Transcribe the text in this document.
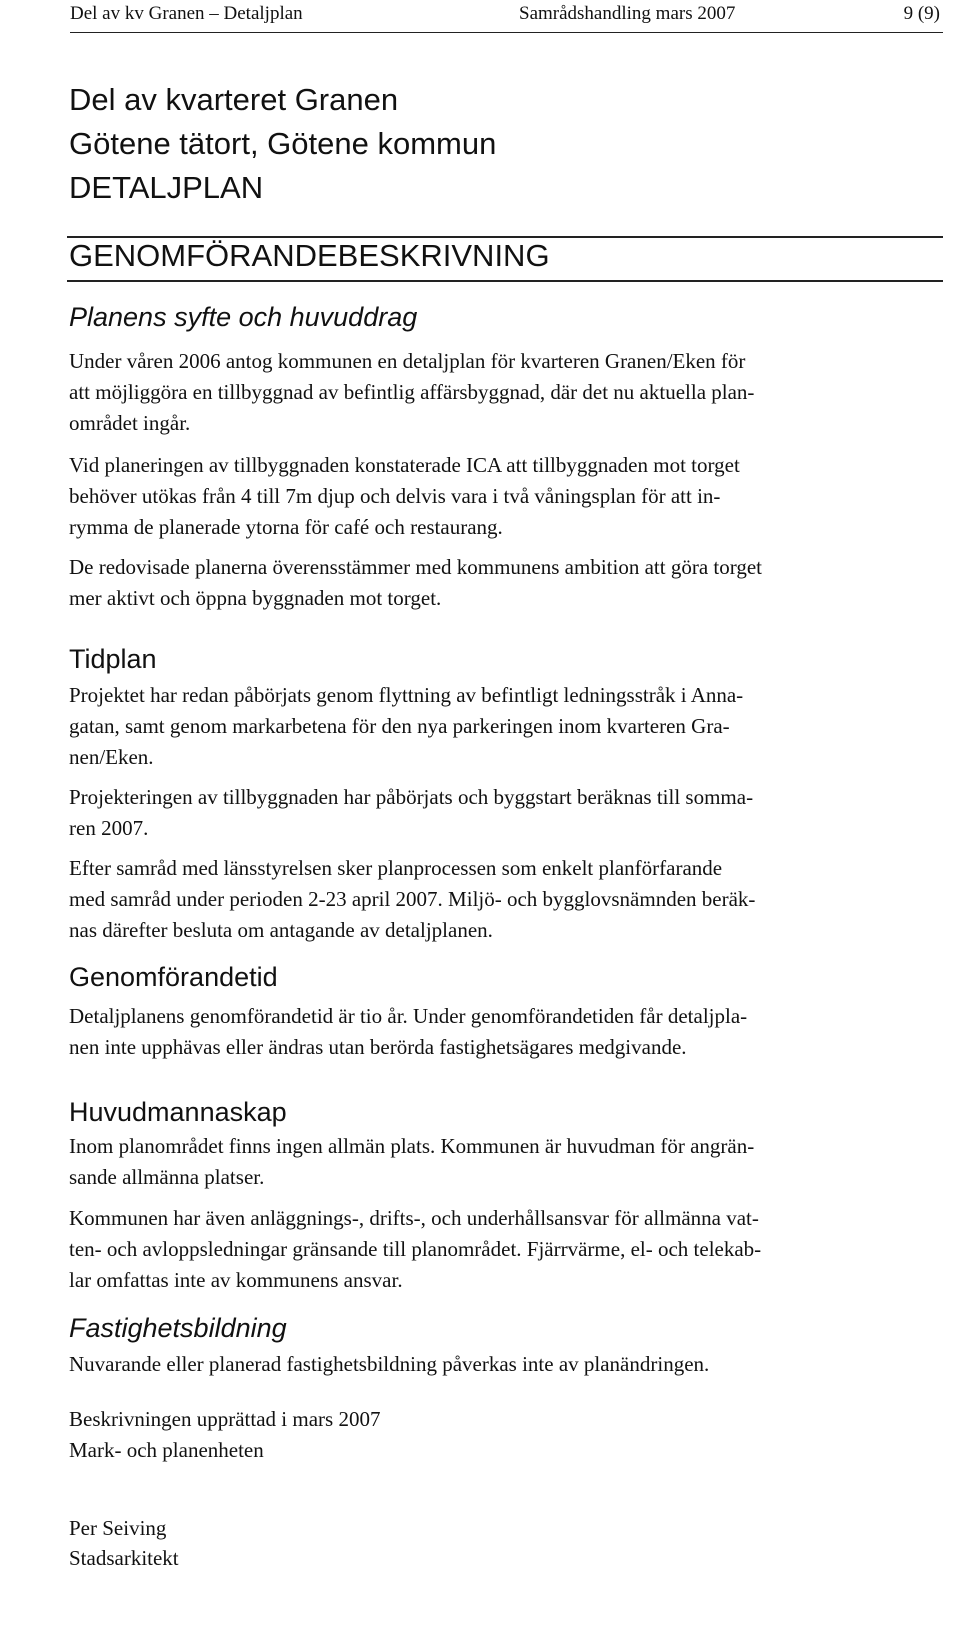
Del av kv Granen – Detaljplan	Samrådshandling mars 2007	9 (9)
Del av kvarteret Granen
Götene tätort, Götene kommun
DETALJPLAN
GENOMFÖRANDEBESKRIVNING
Planens syfte och huvuddrag

Under våren 2006 antog kommunen en detaljplan för kvarteren Granen/Eken för
att möjliggöra en tillbyggnad av befintlig affärsbyggnad, där det nu aktuella plan-
området ingår.

Vid planeringen av tillbyggnaden konstaterade ICA att tillbyggnaden mot torget
behöver utökas från 4 till 7m djup och delvis vara i två våningsplan för att in-
rymma de planerade ytorna för café och restaurang.

De redovisade planerna överensstämmer med kommunens ambition att göra torget
mer aktivt och öppna byggnaden mot torget.

Tidplan

Projektet har redan påbörjats genom flyttning av befintligt ledningsstråk i Anna-
gatan, samt genom markarbetena för den nya parkeringen inom kvarteren Gra-
nen/Eken.

Projekteringen av tillbyggnaden har påbörjats och byggstart beräknas till somma-
ren 2007.

Efter samråd med länsstyrelsen sker planprocessen som enkelt planförfarande
med samråd under perioden 2-23 april 2007. Miljö- och bygglovsnämnden beräk-
nas därefter besluta om antagande av detaljplanen.

Genomförandetid

Detaljplanens genomförandetid är tio år. Under genomförandetiden får detaljpla-
nen inte upphävas eller ändras utan berörda fastighetsägares medgivande.

Huvudmannaskap

Inom planområdet finns ingen allmän plats. Kommunen är huvudman för angrän-
sande allmänna platser.

Kommunen har även anläggnings-, drifts-, och underhållsansvar för allmänna vat-
ten- och avloppsledningar gränsande till planområdet. Fjärrvärme, el- och telekab-
lar omfattas inte av kommunens ansvar.

Fastighetsbildning

Nuvarande eller planerad fastighetsbildning påverkas inte av planändringen.

Beskrivningen upprättad i mars 2007
Mark- och planenheten

Per Seiving
Stadsarkitekt
